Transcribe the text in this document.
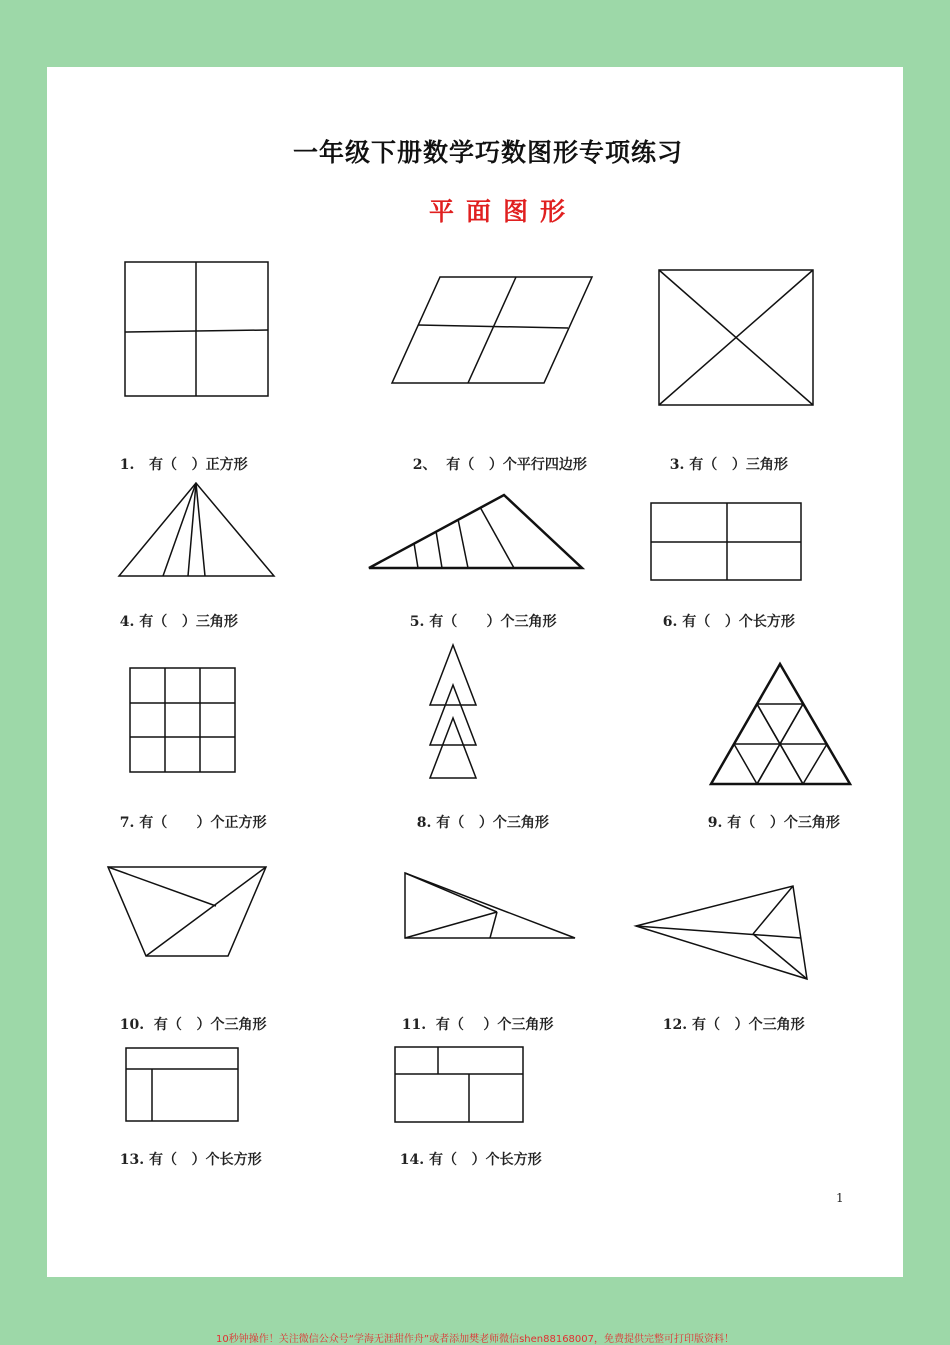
一年级下册数学巧数图形专项练习
平面图形

1. 有（   ）正方形	2、 有（   ）个平行四边形	3. 有（   ）三角形

4. 有（   ）三角形	5. 有（      ）个三角形	6. 有（   ）个长方形

7. 有（      ）个正方形	8. 有（   ）个三角形	9. 有（   ）个三角形

10. 有（   ）个三角形	11. 有（    ）个三角形	12. 有（   ）个三角形

13. 有（   ）个长方形	14. 有（   ）个长方形

1
10秒钟操作！关注微信公众号“学海无涯甜作舟”或者添加樊老师微信shen88168007，免费提供完整可打印版资料！
